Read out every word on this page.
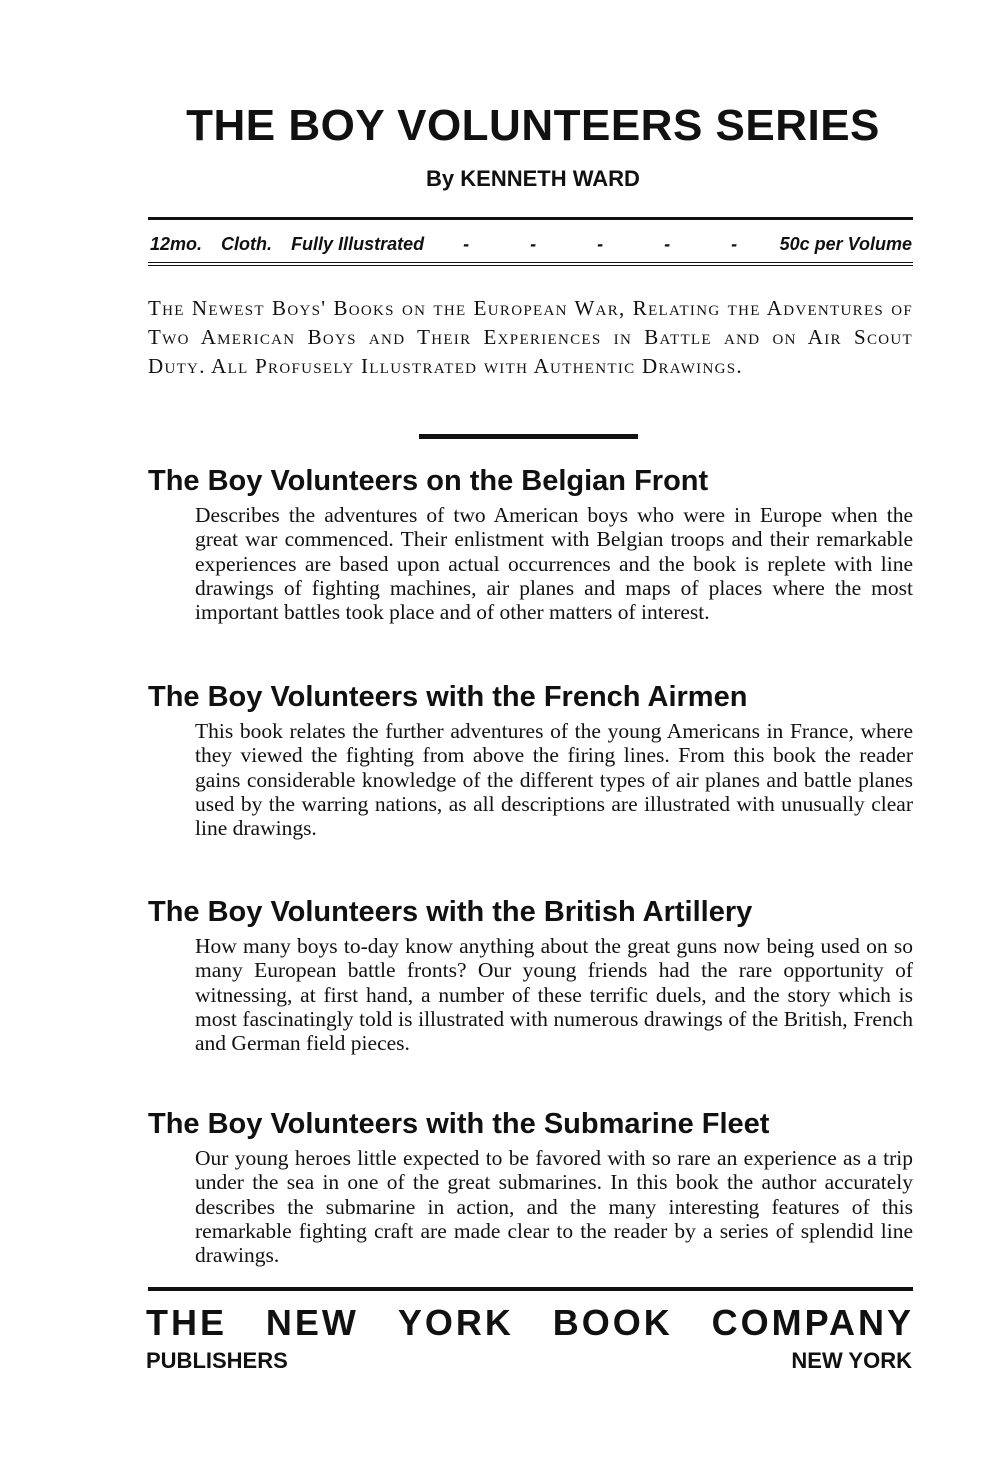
THE BOY VOLUNTEERS SERIES
By KENNETH WARD
12mo. Cloth. Fully Illustrated - - - - - 50c per Volume

The Newest Boys' Books on the European War, Relating the Adventures of Two American Boys and Their Experiences in Battle and on Air Scout Duty. All Profusely Illustrated with Authentic Drawings.

The Boy Volunteers on the Belgian Front

Describes the adventures of two American boys who were in Europe when the great war commenced. Their enlistment with Belgian troops and their remarkable experiences are based upon actual occurrences and the book is replete with line drawings of fighting machines, air planes and maps of places where the most important battles took place and of other matters of interest.

The Boy Volunteers with the French Airmen

This book relates the further adventures of the young Americans in France, where they viewed the fighting from above the firing lines. From this book the reader gains considerable knowledge of the different types of air planes and battle planes used by the warring nations, as all descriptions are illustrated with unusually clear line drawings.

The Boy Volunteers with the British Artillery

How many boys to-day know anything about the great guns now being used on so many European battle fronts? Our young friends had the rare opportunity of witnessing, at first hand, a number of these terrific duels, and the story which is most fascinatingly told is illustrated with numerous drawings of the British, French and German field pieces.

The Boy Volunteers with the Submarine Fleet

Our young heroes little expected to be favored with so rare an experience as a trip under the sea in one of the great submarines. In this book the author accurately describes the submarine in action, and the many interesting features of this remarkable fighting craft are made clear to the reader by a series of splendid line drawings.

THE NEW YORK BOOK COMPANY
PUBLISHERS	NEW YORK
